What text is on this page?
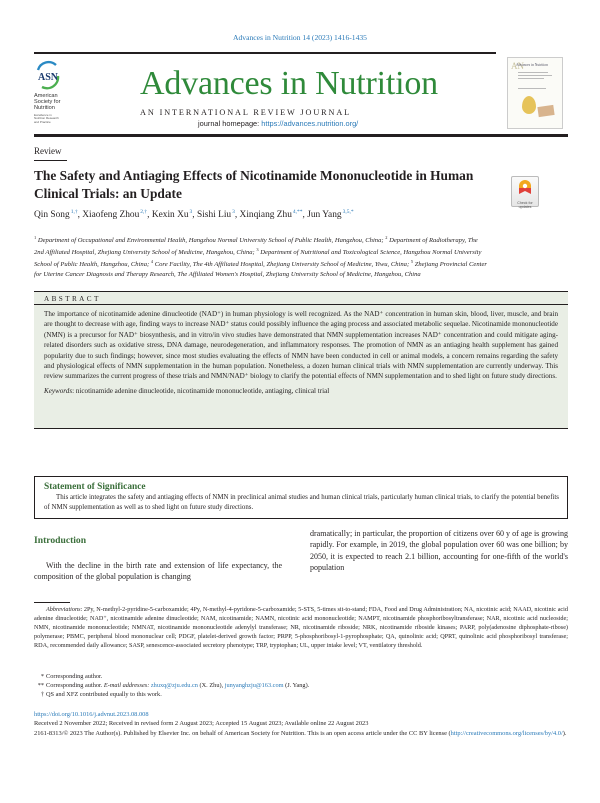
Advances in Nutrition 14 (2023) 1416-1435
ASN
American
Society for
Nutrition
Excellence in
Nutrition Research
and Practice
Advances in Nutrition
AN INTERNATIONAL REVIEW JOURNAL
journal homepage: https://advances.nutrition.org/
AN
Advances in Nutrition
Review
The Safety and Antiaging Effects of Nicotinamide Mononucleotide in Human Clinical Trials: an Update
Check for updates
Qin Song$^{1,\dagger}$, Xiaofeng Zhou$^{2,\dagger}$, Kexin Xu$^3$, Sishi Liu$^3$, Xinqiang Zhu$^{4,**}$, Jun Yang$^{3,5,*}$
$^1$ Department of Occupational and Environmental Health, Hangzhou Normal University School of Public Health, Hangzhou, China; $^2$ Department of Radiotherapy, The 2nd Affiliated Hospital, Zhejiang University School of Medicine, Hangzhou, China; $^3$ Department of Nutritional and Toxicological Science, Hangzhou Normal University School of Public Health, Hangzhou, China; $^4$ Core Facility, The 4th Affiliated Hospital, Zhejiang University School of Medicine, Yiwu, China; $^5$ Zhejiang Provincial Center for Uterine Cancer Diagnosis and Therapy Research, The Affiliated Women's Hospital, Zhejiang University School of Medicine, Hangzhou, China
ABSTRACT
The importance of nicotinamide adenine dinucleotide (NAD⁺) in human physiology is well recognized. As the NAD⁺ concentration in human skin, blood, liver, muscle, and brain are thought to decrease with age, finding ways to increase NAD⁺ status could possibly influence the aging process and associated metabolic sequelae. Nicotinamide mononucleotide (NMN) is a precursor for NAD⁺ biosynthesis, and in vitro/in vivo studies have demonstrated that NMN supplementation increases NAD⁺ concentration and could mitigate aging-related disorders such as oxidative stress, DNA damage, neurodegeneration, and inflammatory responses. The promotion of NMN as an antiaging health supplement has gained popularity due to such findings; however, since most studies evaluating the effects of NMN have been conducted in cell or animal models, a concern remains regarding the safety and physiological effects of NMN supplementation in the human population. Nonetheless, a dozen human clinical trials with NMN supplementation are currently underway. This review summarizes the current progress of these trials and NMN/NAD⁺ biology to clarify the potential effects of NMN supplementation and to shed light on future study directions.
Keywords: nicotinamide adenine dinucleotide, nicotinamide mononucleotide, antiaging, clinical trial
Statement of Significance
This article integrates the safety and antiaging effects of NMN in preclinical animal studies and human clinical trials, particularly human clinical trials, to clarify the potential benefits of NMN supplementation as well as to shed light on future study directions.
Introduction
With the decline in the birth rate and extension of life expectancy, the composition of the global population is changing
dramatically; in particular, the proportion of citizens over 60 y of age is growing rapidly. For example, in 2019, the global population over 60 was one billion; by 2050, it is expected to reach 2.1 billion, accounting for one-fifth of the world's population
Abbreviations: 2Py, N-methyl-2-pyridine-5-carboxamide; 4Py, N-methyl-4-pyridone-5-carboxamide; 5-STS, 5-times sit-to-stand; FDA, Food and Drug Administration; NA, nicotinic acid; NAAD, nicotinic acid adenine dinucleotide; NAD⁺, nicotinamide adenine dinucleotide; NAM, nicotinamide; NAMN, nicotinic acid mononucleotide; NAMPT, nicotinamide phosphoribosyltransferase; NAR, nicotinic acid nucleoside; NMN, nicotinamide mononucleotide; NMNAT, nicotinamide mononucleotide adenylyl transferase; NR, nicotinamide riboside; NRK, nicotinamide riboside kinases; PARP, poly(adenosine diphosphate-ribose) polymerase; PBMC, peripheral blood mononuclear cell; PDGF, platelet-derived growth factor; PRPP, 5-phosphoribosyl-1-pyrophosphate; QA, quinolinic acid; QPRT, quinolinic acid phosphoribosyl transferase; RDA, recommended daily allowance; SASP, senescence-associated secretory phenotype; TRP, tryptophan; UL, upper intake level; VT, ventilatory threshold.
* Corresponding author.
** Corresponding author. E-mail addresses: zhuxq@zju.edu.cn (X. Zhu), junyanghzju@163.com (J. Yang).
† QS and XFZ contributed equally to this work.
https://doi.org/10.1016/j.advnut.2023.08.008
Received 2 November 2022; Received in revised form 2 August 2023; Accepted 15 August 2023; Available online 22 August 2023
2161-8313/© 2023 The Author(s). Published by Elsevier Inc. on behalf of American Society for Nutrition. This is an open access article under the CC BY license (http://creativecommons.org/licenses/by/4.0/).
